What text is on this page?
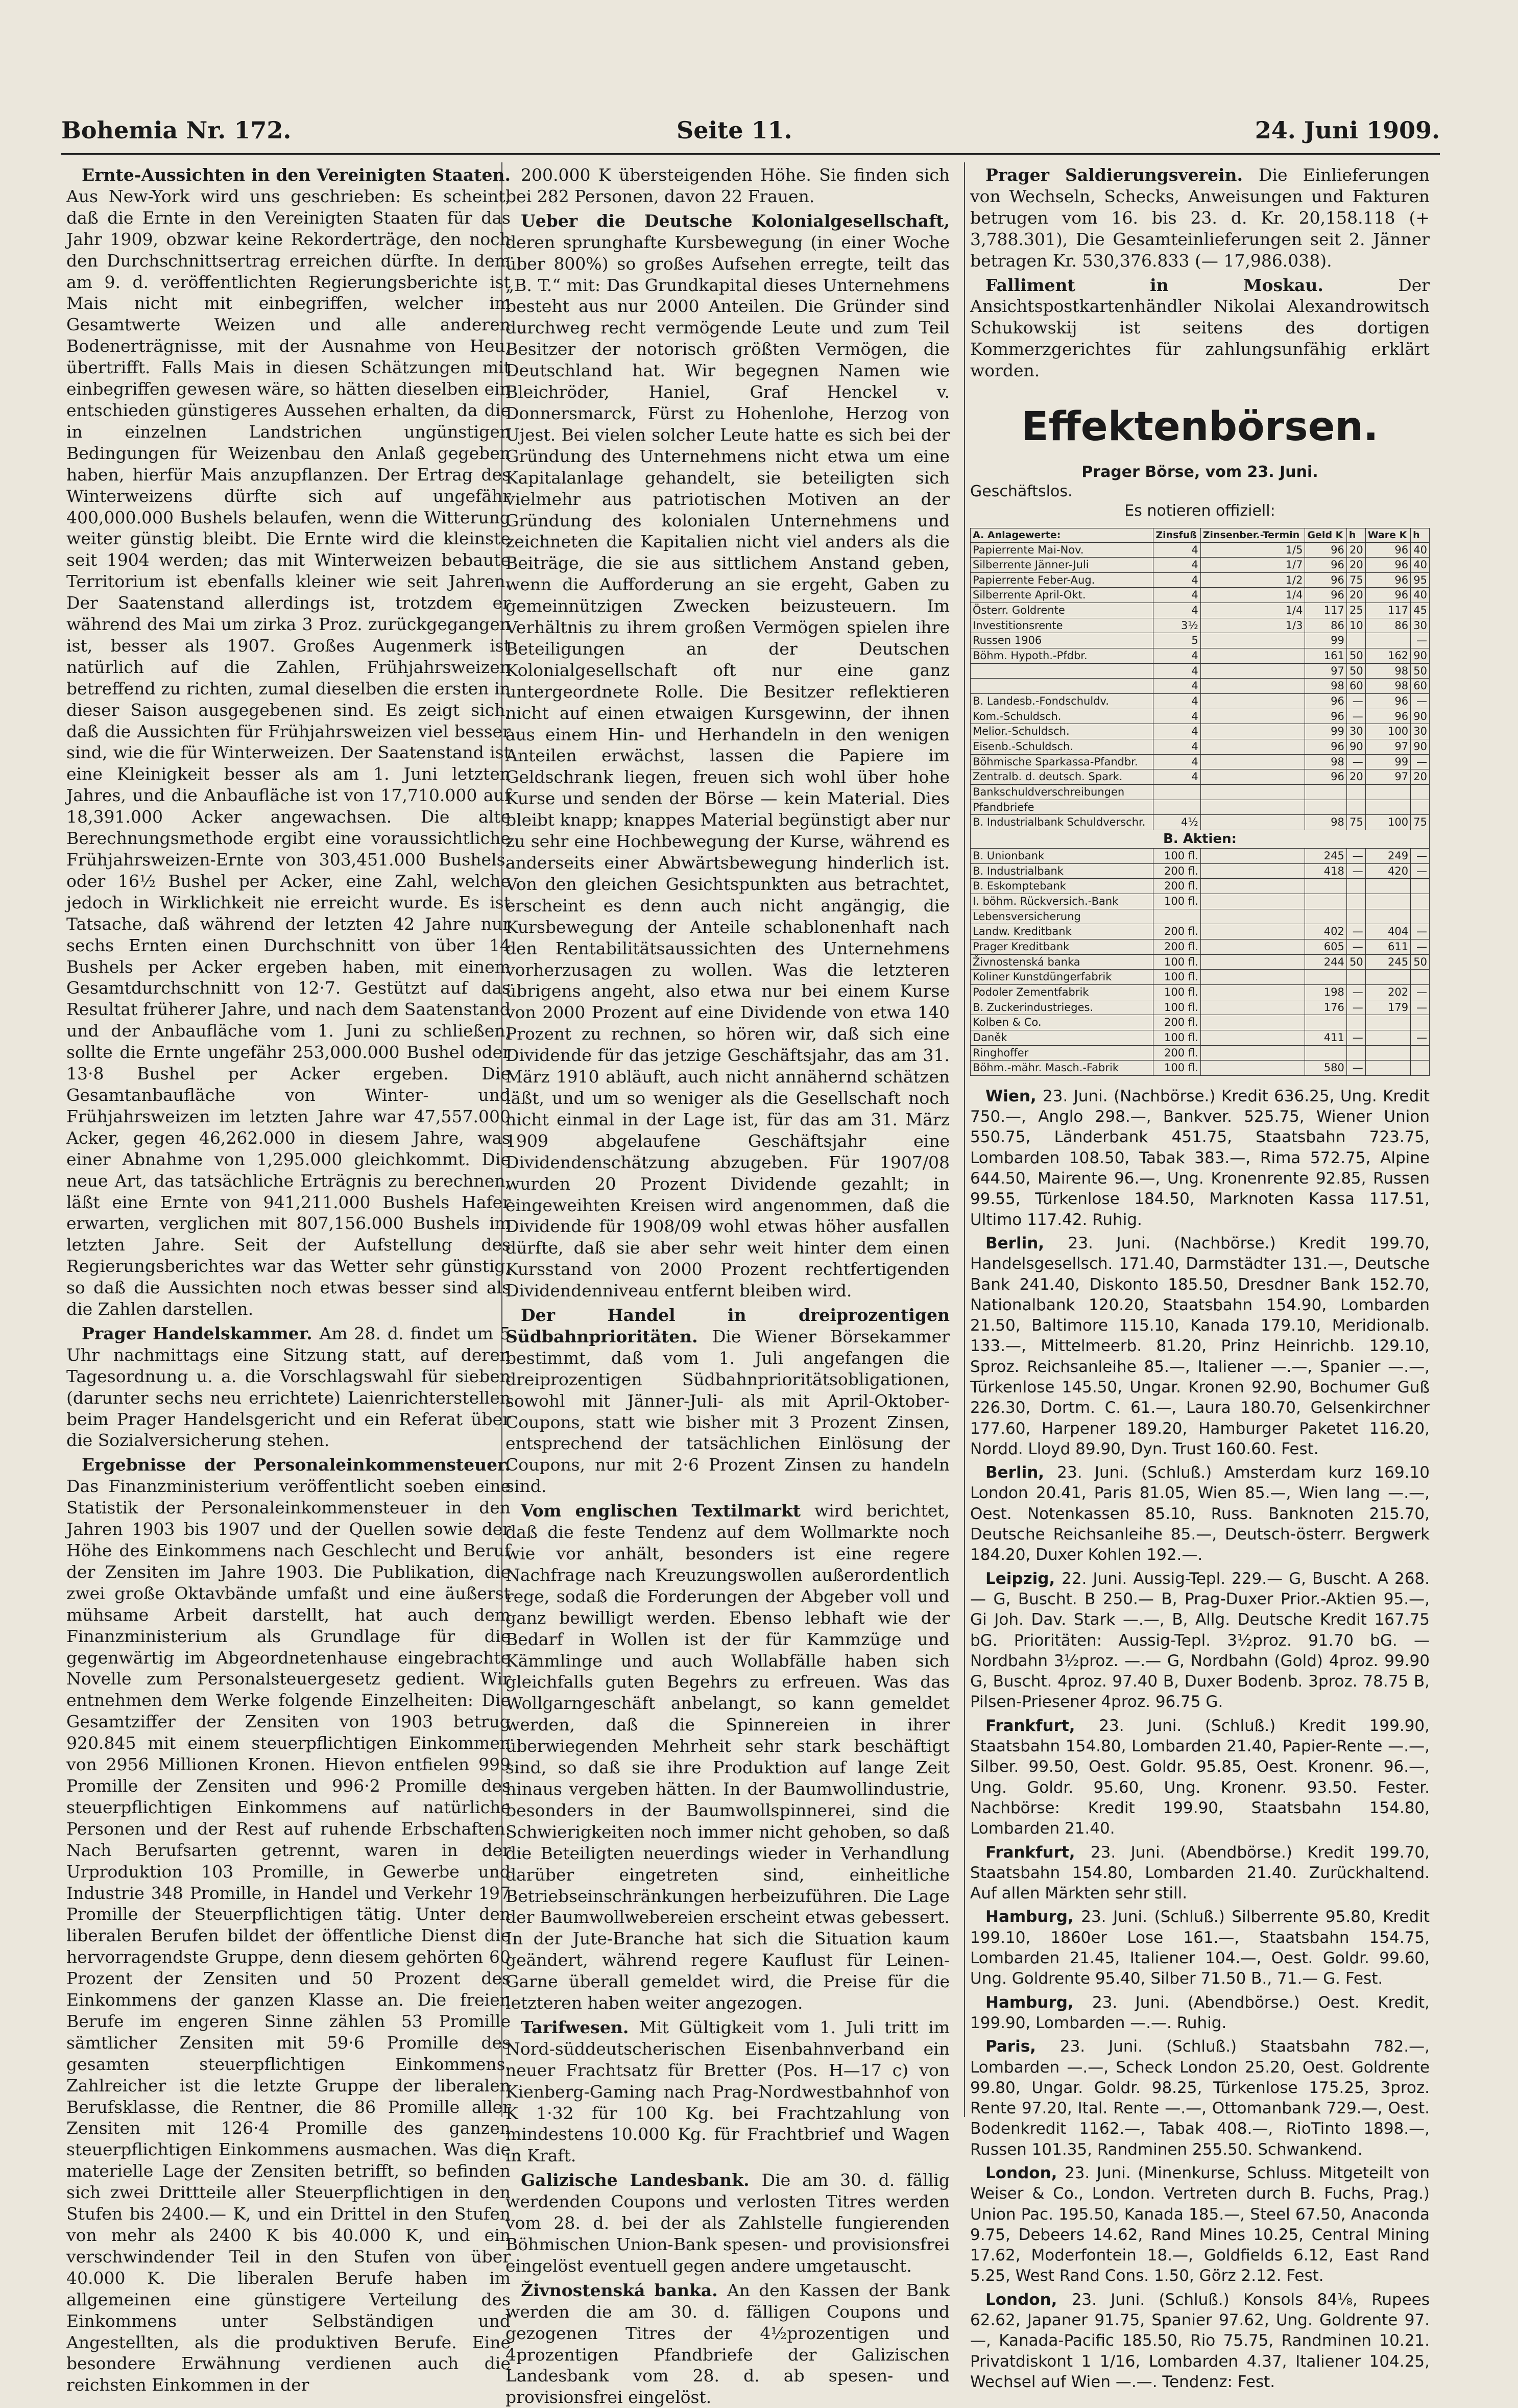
Bohemia Nr. 172.	Seite 11.	24. Juni 1909.

Ernte-Aussichten in den Vereinigten Staaten. Aus New-York wird uns geschrieben: Es scheint, daß die Ernte in den Vereinigten Staaten für das Jahr 1909, obzwar keine Rekorderträge, den noch den Durchschnittsertrag erreichen dürfte. In dem am 9. d. veröffentlichten Regierungsberichte ist Mais nicht mit einbegriffen, welcher im Gesamtwerte Weizen und alle anderen Bodenerträgnisse, mit der Ausnahme von Heu, übertrifft. Falls Mais in diesen Schätzungen mit einbegriffen gewesen wäre, so hätten dieselben ein entschieden günstigeres Aussehen erhalten, da die in einzelnen Landstrichen ungünstigen Bedingungen für Weizenbau den Anlaß gegeben haben, hierfür Mais anzupflanzen. Der Ertrag des Winterweizens dürfte sich auf ungefähr 400,000.000 Bushels belaufen, wenn die Witterung weiter günstig bleibt. Die Ernte wird die kleinste seit 1904 werden; das mit Winterweizen bebaute Territorium ist ebenfalls kleiner wie seit Jahren. Der Saatenstand allerdings ist, trotzdem er während des Mai um zirka 3 Proz. zurückgegangen ist, besser als 1907. Großes Augenmerk ist natürlich auf die Zahlen, Frühjahrsweizen betreffend zu richten, zumal dieselben die ersten in dieser Saison ausgegebenen sind. Es zeigt sich, daß die Aussichten für Frühjahrsweizen viel besser sind, wie die für Winterweizen. Der Saatenstand ist eine Kleinigkeit besser als am 1. Juni letzten Jahres, und die Anbaufläche ist von 17,710.000 auf 18,391.000 Acker angewachsen. Die alte Berechnungsmethode ergibt eine voraussichtliche Frühjahrsweizen-Ernte von 303,451.000 Bushels, oder 16½ Bushel per Acker, eine Zahl, welche jedoch in Wirklichkeit nie erreicht wurde. Es ist Tatsache, daß während der letzten 42 Jahre nur sechs Ernten einen Durchschnitt von über 14 Bushels per Acker ergeben haben, mit einem Gesamtdurchschnitt von 12·7. Gestützt auf das Resultat früherer Jahre, und nach dem Saatenstand und der Anbaufläche vom 1. Juni zu schließen, sollte die Ernte ungefähr 253,000.000 Bushel oder 13·8 Bushel per Acker ergeben. Die Gesamtanbaufläche von Winter- und Frühjahrsweizen im letzten Jahre war 47,557.000 Acker, gegen 46,262.000 in diesem Jahre, was einer Abnahme von 1,295.000 gleichkommt. Die neue Art, das tatsächliche Erträgnis zu berechnen, läßt eine Ernte von 941,211.000 Bushels Hafer erwarten, verglichen mit 807,156.000 Bushels im letzten Jahre. Seit der Aufstellung des Regierungsberichtes war das Wetter sehr günstig, so daß die Aussichten noch etwas besser sind als die Zahlen darstellen.

Prager Handelskammer. Am 28. d. findet um 5 Uhr nachmittags eine Sitzung statt, auf deren Tagesordnung u. a. die Vorschlagswahl für sieben (darunter sechs neu errichtete) Laienrichterstellen beim Prager Handelsgericht und ein Referat über die Sozialversicherung stehen.

Ergebnisse der Personaleinkommensteuer. Das Finanzministerium veröffentlicht soeben eine Statistik der Personaleinkommensteuer in den Jahren 1903 bis 1907 und der Quellen sowie der Höhe des Einkommens nach Geschlecht und Beruf der Zensiten im Jahre 1903. Die Publikation, die zwei große Oktavbände umfaßt und eine äußerst mühsame Arbeit darstellt, hat auch dem Finanzministerium als Grundlage für die gegenwärtig im Abgeordnetenhause eingebrachte Novelle zum Personalsteuergesetz gedient. Wir entnehmen dem Werke folgende Einzelheiten: Die Gesamtziffer der Zensiten von 1903 betrug 920.845 mit einem steuerpflichtigen Einkommen von 2956 Millionen Kronen. Hievon entfielen 999 Promille der Zensiten und 996·2 Promille des steuerpflichtigen Einkommens auf natürliche Personen und der Rest auf ruhende Erbschaften. Nach Berufsarten getrennt, waren in der Urproduktion 103 Promille, in Gewerbe und Industrie 348 Promille, in Handel und Verkehr 197 Promille der Steuerpflichtigen tätig. Unter den liberalen Berufen bildet der öffentliche Dienst die hervorragendste Gruppe, denn diesem gehörten 60 Prozent der Zensiten und 50 Prozent des Einkommens der ganzen Klasse an. Die freien Berufe im engeren Sinne zählen 53 Promille sämtlicher Zensiten mit 59·6 Promille des gesamten steuerpflichtigen Einkommens. Zahlreicher ist die letzte Gruppe der liberalen Berufsklasse, die Rentner, die 86 Promille aller Zensiten mit 126·4 Promille des ganzen steuerpflichtigen Einkommens ausmachen. Was die materielle Lage der Zensiten betrifft, so befinden sich zwei Drittteile aller Steuerpflichtigen in den Stufen bis 2400.— K, und ein Drittel in den Stufen von mehr als 2400 K bis 40.000 K, und ein verschwindender Teil in den Stufen von über 40.000 K. Die liberalen Berufe haben im allgemeinen eine günstigere Verteilung des Einkommens unter Selbständigen und Angestellten, als die produktiven Berufe. Eine besondere Erwähnung verdienen auch die reichsten Einkommen in der

200.000 K übersteigenden Höhe. Sie finden sich bei 282 Personen, davon 22 Frauen.

Ueber die Deutsche Kolonialgesellschaft, deren sprunghafte Kursbewegung (in einer Woche über 800%) so großes Aufsehen erregte, teilt das „B. T.“ mit: Das Grundkapital dieses Unternehmens besteht aus nur 2000 Anteilen. Die Gründer sind durchweg recht vermögende Leute und zum Teil Besitzer der notorisch größten Vermögen, die Deutschland hat. Wir begegnen Namen wie Bleichröder, Haniel, Graf Henckel v. Donnersmarck, Fürst zu Hohenlohe, Herzog von Ujest. Bei vielen solcher Leute hatte es sich bei der Gründung des Unternehmens nicht etwa um eine Kapitalanlage gehandelt, sie beteiligten sich vielmehr aus patriotischen Motiven an der Gründung des kolonialen Unternehmens und zeichneten die Kapitalien nicht viel anders als die Beiträge, die sie aus sittlichem Anstand geben, wenn die Aufforderung an sie ergeht, Gaben zu gemeinnützigen Zwecken beizusteuern. Im Verhältnis zu ihrem großen Vermögen spielen ihre Beteiligungen an der Deutschen Kolonialgesellschaft oft nur eine ganz untergeordnete Rolle. Die Besitzer reflektieren nicht auf einen etwaigen Kursgewinn, der ihnen aus einem Hin- und Herhandeln in den wenigen Anteilen erwächst, lassen die Papiere im Geldschrank liegen, freuen sich wohl über hohe Kurse und senden der Börse — kein Material. Dies bleibt knapp; knappes Material begünstigt aber nur zu sehr eine Hochbewegung der Kurse, während es anderseits einer Abwärtsbewegung hinderlich ist. Von den gleichen Gesichtspunkten aus betrachtet, erscheint es denn auch nicht angängig, die Kursbewegung der Anteile schablonenhaft nach den Rentabilitätsaussichten des Unternehmens vorherzusagen zu wollen. Was die letzteren übrigens angeht, also etwa nur bei einem Kurse von 2000 Prozent auf eine Dividende von etwa 140 Prozent zu rechnen, so hören wir, daß sich eine Dividende für das jetzige Geschäftsjahr, das am 31. März 1910 abläuft, auch nicht annähernd schätzen läßt, und um so weniger als die Gesellschaft noch nicht einmal in der Lage ist, für das am 31. März 1909 abgelaufene Geschäftsjahr eine Dividendenschätzung abzugeben. Für 1907/08 wurden 20 Prozent Dividende gezahlt; in eingeweihten Kreisen wird angenommen, daß die Dividende für 1908/09 wohl etwas höher ausfallen dürfte, daß sie aber sehr weit hinter dem einen Kursstand von 2000 Prozent rechtfertigenden Dividendenniveau entfernt bleiben wird.

Der Handel in dreiprozentigen Südbahnprioritäten. Die Wiener Börsekammer bestimmt, daß vom 1. Juli angefangen die dreiprozentigen Südbahnprioritätsobligationen, sowohl mit Jänner-Juli- als mit April-Oktober-Coupons, statt wie bisher mit 3 Prozent Zinsen, entsprechend der tatsächlichen Einlösung der Coupons, nur mit 2·6 Prozent Zinsen zu handeln sind.

Vom englischen Textilmarkt wird berichtet, daß die feste Tendenz auf dem Wollmarkte noch wie vor anhält, besonders ist eine regere Nachfrage nach Kreuzungswollen außerordentlich rege, sodaß die Forderungen der Abgeber voll und ganz bewilligt werden. Ebenso lebhaft wie der Bedarf in Wollen ist der für Kammzüge und Kämmlinge und auch Wollabfälle haben sich gleichfalls guten Begehrs zu erfreuen. Was das Wollgarngeschäft anbelangt, so kann gemeldet werden, daß die Spinnereien in ihrer überwiegenden Mehrheit sehr stark beschäftigt sind, so daß sie ihre Produktion auf lange Zeit hinaus vergeben hätten. In der Baumwollindustrie, besonders in der Baumwollspinnerei, sind die Schwierigkeiten noch immer nicht gehoben, so daß die Beteiligten neuerdings wieder in Verhandlung darüber eingetreten sind, einheitliche Betriebseinschränkungen herbeizuführen. Die Lage der Baumwollwebereien erscheint etwas gebessert. In der Jute-Branche hat sich die Situation kaum geändert, während regere Kauflust für Leinen-Garne überall gemeldet wird, die Preise für die letzteren haben weiter angezogen.

Tarifwesen. Mit Gültigkeit vom 1. Juli tritt im Nord-süddeutscherischen Eisenbahnverband ein neuer Frachtsatz für Bretter (Pos. H—17 c) von Kienberg-Gaming nach Prag-Nordwestbahnhof von K 1·32 für 100 Kg. bei Frachtzahlung von mindestens 10.000 Kg. für Frachtbrief und Wagen in Kraft.

Galizische Landesbank. Die am 30. d. fällig werdenden Coupons und verlosten Titres werden vom 28. d. bei der als Zahlstelle fungierenden Böhmischen Union-Bank spesen- und provisionsfrei eingelöst eventuell gegen andere umgetauscht.

Živnostenská banka. An den Kassen der Bank werden die am 30. d. fälligen Coupons und gezogenen Titres der 4½prozentigen und 4prozentigen Pfandbriefe der Galizischen Landesbank vom 28. d. ab spesen- und provisionsfrei eingelöst.

Prager Saldierungsverein. Die Einlieferungen von Wechseln, Schecks, Anweisungen und Fakturen betrugen vom 16. bis 23. d. Kr. 20,158.118 (+ 3,788.301), Die Gesamteinlieferungen seit 2. Jänner betragen Kr. 530,376.833 (— 17,986.038).

Falliment in Moskau. Der Ansichtspostkartenhändler Nikolai Alexandrowitsch Schukowskij ist seitens des dortigen Kommerzgerichtes für zahlungsunfähig erklärt worden.

Effektenbörsen.
Prager Börse, vom 23. Juni.
Geschäftslos.
Es notieren offiziell:
A. Anlagewerte:	Zinsfuß	Zinsenber.-Termin	Geld K	h	Ware K	h
Papierrente Mai-Nov.	4	1/5	96	20	96	40
Silberrente Jänner-Juli	4	1/7	96	20	96	40
Papierrente Feber-Aug.	4	1/2	96	75	96	95
Silberrente April-Okt.	4	1/4	96	20	96	40
Österr. Goldrente	4	1/4	117	25	117	45
Investitionsrente	3½	1/3	86	10	86	30
Russen 1906	5		99			—
Böhm. Hypoth.-Pfdbr.	4		161	50	162	90
	4		97	50	98	50
	4		98	60	98	60
B. Landesb.-Fondschuldv.	4		96	—	96	—
Kom.-Schuldsch.	4		96	—	96	90
Melior.-Schuldsch.	4		99	30	100	30
Eisenb.-Schuldsch.	4		96	90	97	90
Böhmische Sparkassa-Pfandbr.	4		98	—	99	—
Zentralb. d. deutsch. Spark.	4		96	20	97	20
Bankschuldverschreibungen						
Pfandbriefe						
B. Industrialbank Schuldverschr.	4½		98	75	100	75
B. Aktien:						
B. Unionbank	100 fl.		245	—	249	—
B. Industrialbank	200 fl.		418	—	420	—
B. Eskomptebank	200 fl.					
I. böhm. Rückversich.-Bank	100 fl.					
Lebensversicherung						
Landw. Kreditbank	200 fl.		402	—	404	—
Prager Kreditbank	200 fl.		605	—	611	—
Živnostenská banka	100 fl.		244	50	245	50
Koliner Kunstdüngerfabrik	100 fl.					
Podoler Zementfabrik	100 fl.		198	—	202	—
B. Zuckerindustrieges.	100 fl.		176	—	179	—
Kolben & Co.	200 fl.					
Daněk	100 fl.		411	—		—
Ringhoffer	200 fl.					
Böhm.-mähr. Masch.-Fabrik	100 fl.		580	—		

Wien, 23. Juni. (Nachbörse.) Kredit 636.25, Ung. Kredit 750.—, Anglo 298.—, Bankver. 525.75, Wiener Union 550.75, Länderbank 451.75, Staatsbahn 723.75, Lombarden 108.50, Tabak 383.—, Rima 572.75, Alpine 644.50, Mairente 96.—, Ung. Kronenrente 92.85, Russen 99.55, Türkenlose 184.50, Marknoten Kassa 117.51, Ultimo 117.42. Ruhig.

Berlin, 23. Juni. (Nachbörse.) Kredit 199.70, Handelsgesellsch. 171.40, Darmstädter 131.—, Deutsche Bank 241.40, Diskonto 185.50, Dresdner Bank 152.70, Nationalbank 120.20, Staatsbahn 154.90, Lombarden 21.50, Baltimore 115.10, Kanada 179.10, Meridionalb. 133.—, Mittelmeerb. 81.20, Prinz Heinrichb. 129.10, Sproz. Reichsanleihe 85.—, Italiener —.—, Spanier —.—, Türkenlose 145.50, Ungar. Kronen 92.90, Bochumer Guß 226.30, Dortm. C. 61.—, Laura 180.70, Gelsenkirchner 177.60, Harpener 189.20, Hamburger Paketet 116.20, Nordd. Lloyd 89.90, Dyn. Trust 160.60. Fest.

Berlin, 23. Juni. (Schluß.) Amsterdam kurz 169.10 London 20.41, Paris 81.05, Wien 85.—, Wien lang —.—, Oest. Notenkassen 85.10, Russ. Banknoten 215.70, Deutsche Reichsanleihe 85.—, Deutsch-österr. Bergwerk 184.20, Duxer Kohlen 192.—.

Leipzig, 22. Juni. Aussig-Tepl. 229.— G, Buscht. A 268.— G, Buscht. B 250.— B, Prag-Duxer Prior.-Aktien 95.—, Gi Joh. Dav. Stark —.—, B, Allg. Deutsche Kredit 167.75 bG. Prioritäten: Aussig-Tepl. 3½proz. 91.70 bG. — Nordbahn 3½proz. —.— G, Nordbahn (Gold) 4proz. 99.90 G, Buscht. 4proz. 97.40 B, Duxer Bodenb. 3proz. 78.75 B, Pilsen-Priesener 4proz. 96.75 G.

Frankfurt, 23. Juni. (Schluß.) Kredit 199.90, Staatsbahn 154.80, Lombarden 21.40, Papier-Rente —.—, Silber. 99.50, Oest. Goldr. 95.85, Oest. Kronenr. 96.—, Ung. Goldr. 95.60, Ung. Kronenr. 93.50. Fester. Nachbörse: Kredit 199.90, Staatsbahn 154.80, Lombarden 21.40.

Frankfurt, 23. Juni. (Abendbörse.) Kredit 199.70, Staatsbahn 154.80, Lombarden 21.40. Zurückhaltend. Auf allen Märkten sehr still.

Hamburg, 23. Juni. (Schluß.) Silberrente 95.80, Kredit 199.10, 1860er Lose 161.—, Staatsbahn 154.75, Lombarden 21.45, Italiener 104.—, Oest. Goldr. 99.60, Ung. Goldrente 95.40, Silber 71.50 B., 71.— G. Fest.

Hamburg, 23. Juni. (Abendbörse.) Oest. Kredit, 199.90, Lombarden —.—. Ruhig.

Paris, 23. Juni. (Schluß.) Staatsbahn 782.—, Lombarden —.—, Scheck London 25.20, Oest. Goldrente 99.80, Ungar. Goldr. 98.25, Türkenlose 175.25, 3proz. Rente 97.20, Ital. Rente —.—, Ottomanbank 729.—, Oest. Bodenkredit 1162.—, Tabak 408.—, RioTinto 1898.—, Russen 101.35, Randminen 255.50. Schwankend.

London, 23. Juni. (Minenkurse, Schluss. Mitgeteilt von Weiser & Co., London. Vertreten durch B. Fuchs, Prag.) Union Pac. 195.50, Kanada 185.—, Steel 67.50, Anaconda 9.75, Debeers 14.62, Rand Mines 10.25, Central Mining 17.62, Moderfontein 18.—, Goldfields 6.12, East Rand 5.25, West Rand Cons. 1.50, Görz 2.12. Fest.

London, 23. Juni. (Schluß.) Konsols 84⅛, Rupees 62.62, Japaner 91.75, Spanier 97.62, Ung. Goldrente 97.—, Kanada-Pacific 185.50, Rio 75.75, Randminen 10.21. Privatdiskont 1 1/16, Lombarden 4.37, Italiener 104.25, Wechsel auf Wien —.—. Tendenz: Fest.
